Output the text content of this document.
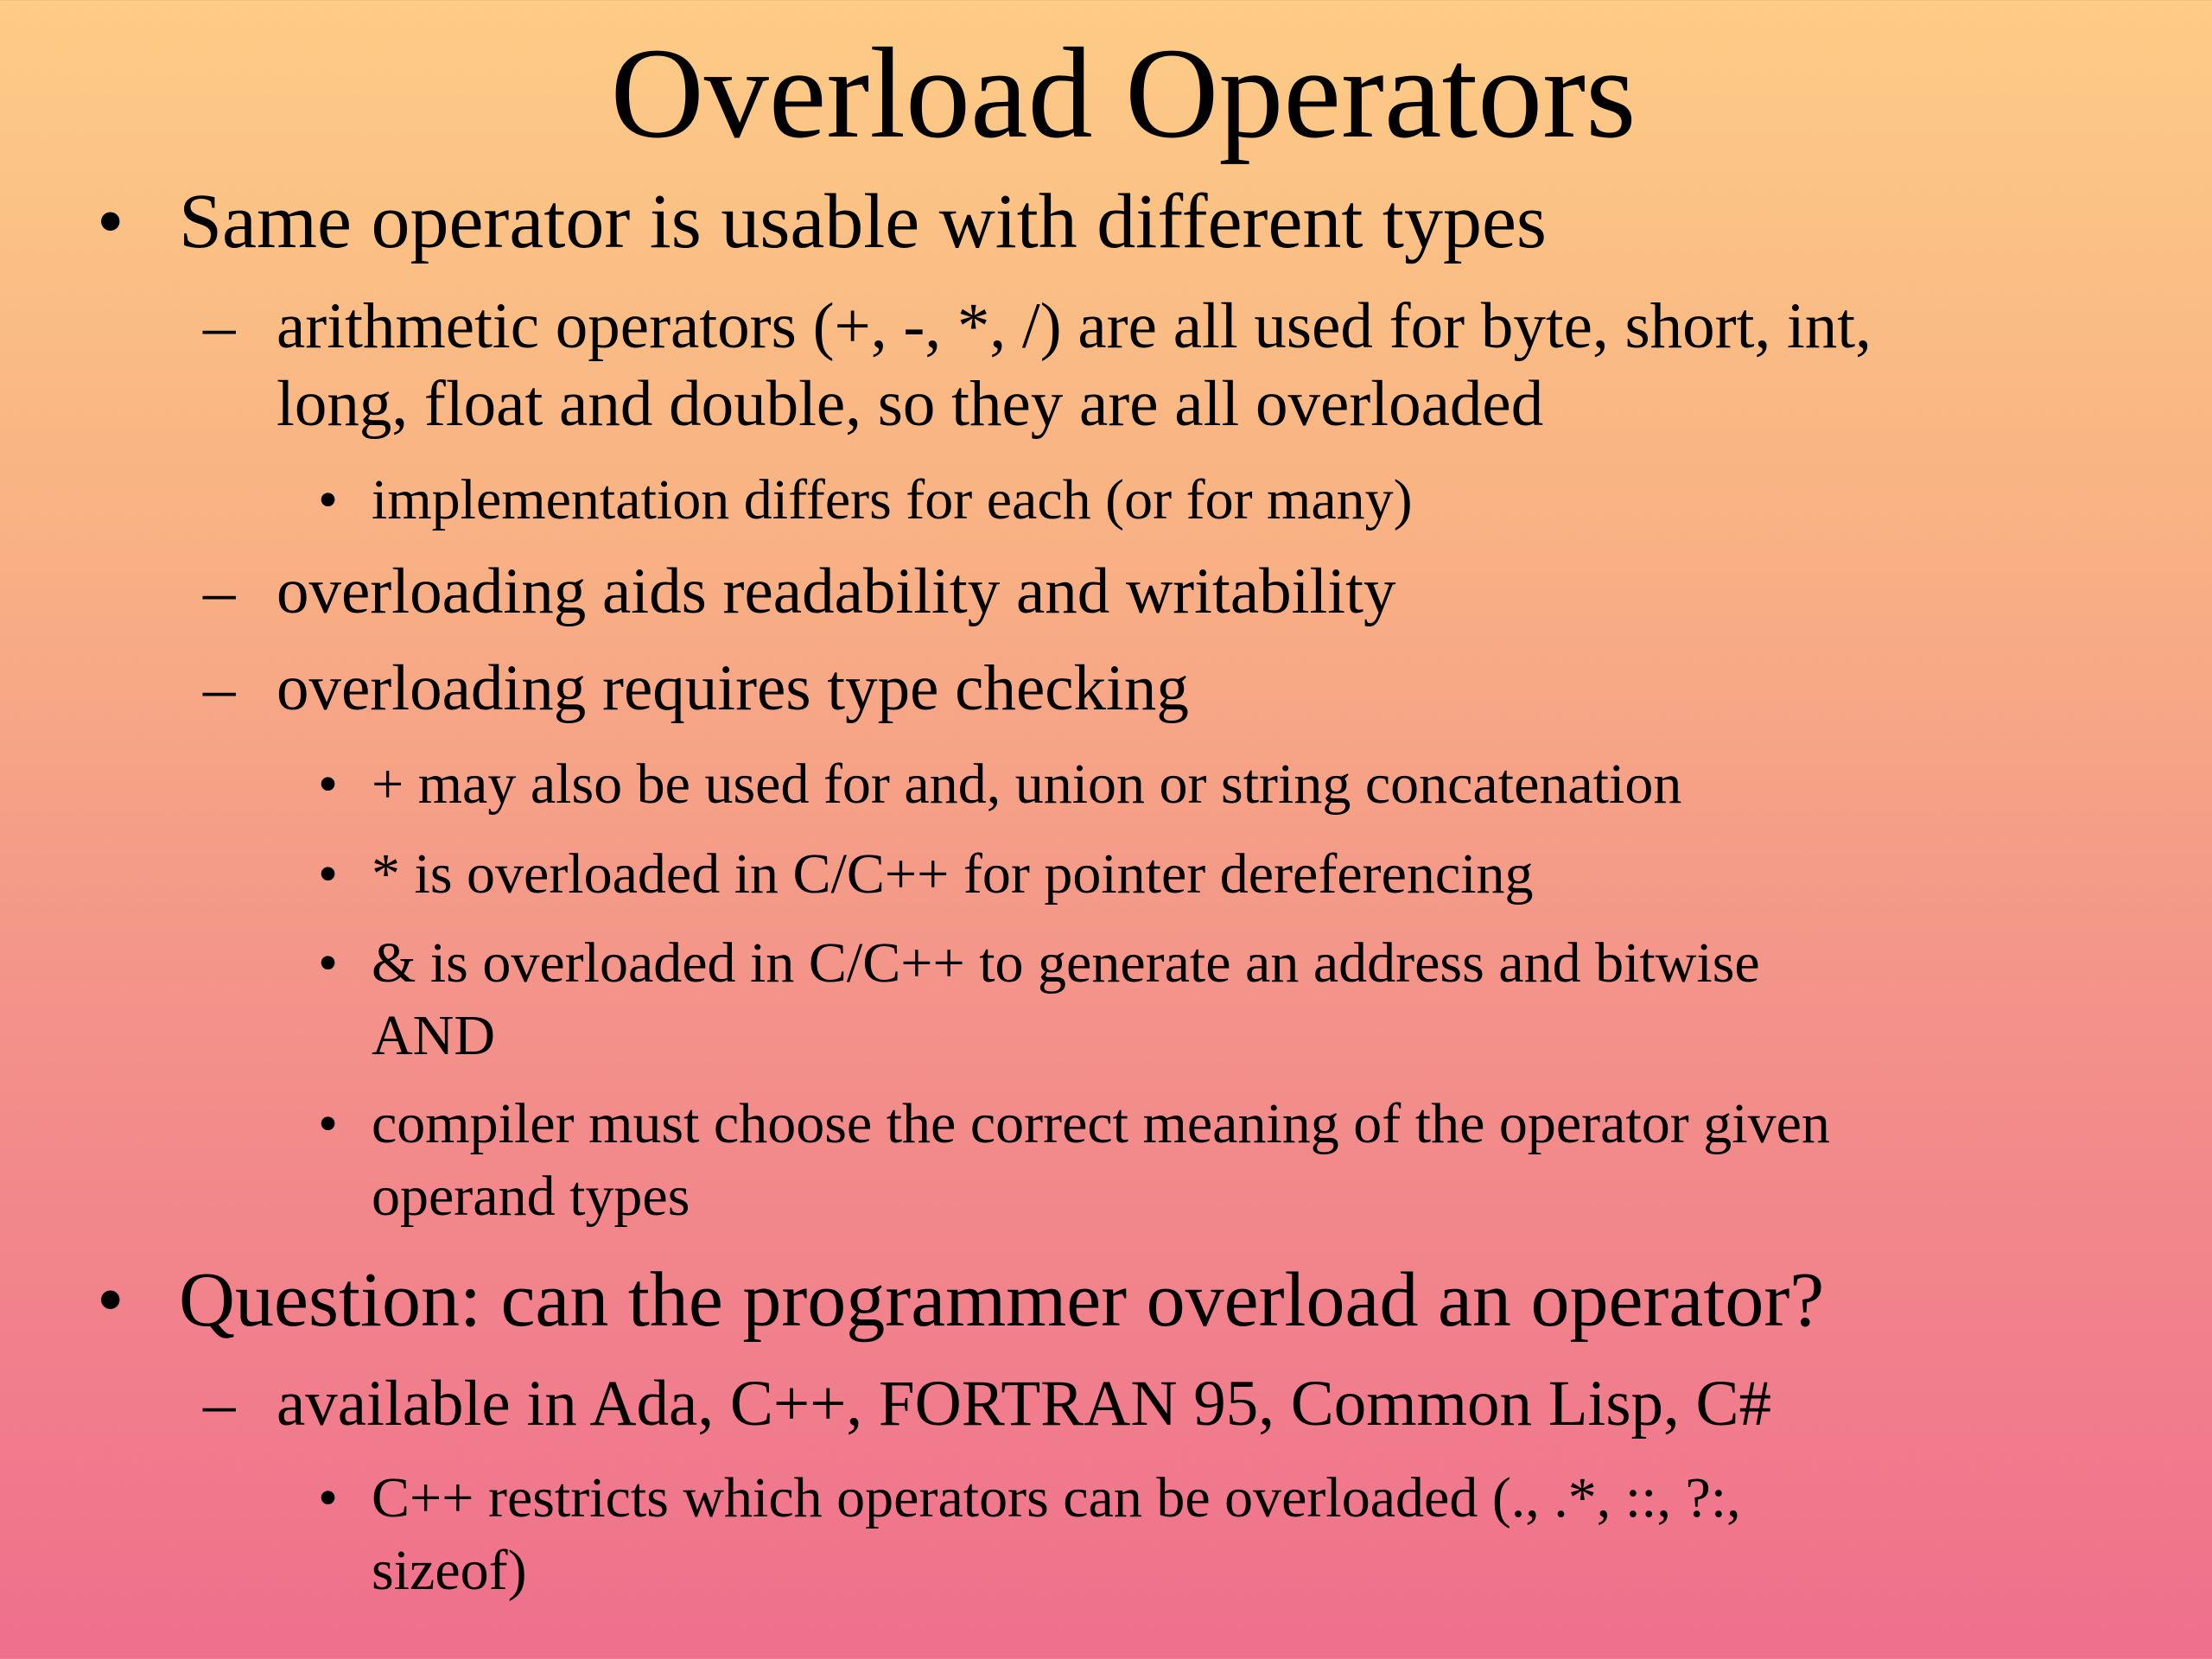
Overload Operators
• Same operator is usable with different types
– arithmetic operators (+, -, *, /) are all used for byte, short, int,
long, float and double, so they are all overloaded
• implementation differs for each (or for many)
– overloading aids readability and writability
– overloading requires type checking
• + may also be used for and, union or string concatenation
• * is overloaded in C/C++ for pointer dereferencing
• & is overloaded in C/C++ to generate an address and bitwise
AND
• compiler must choose the correct meaning of the operator given
operand types
• Question: can the programmer overload an operator?
– available in Ada, C++, FORTRAN 95, Common Lisp, C#
• C++ restricts which operators can be overloaded (., .*, ::, ?:,
sizeof)
